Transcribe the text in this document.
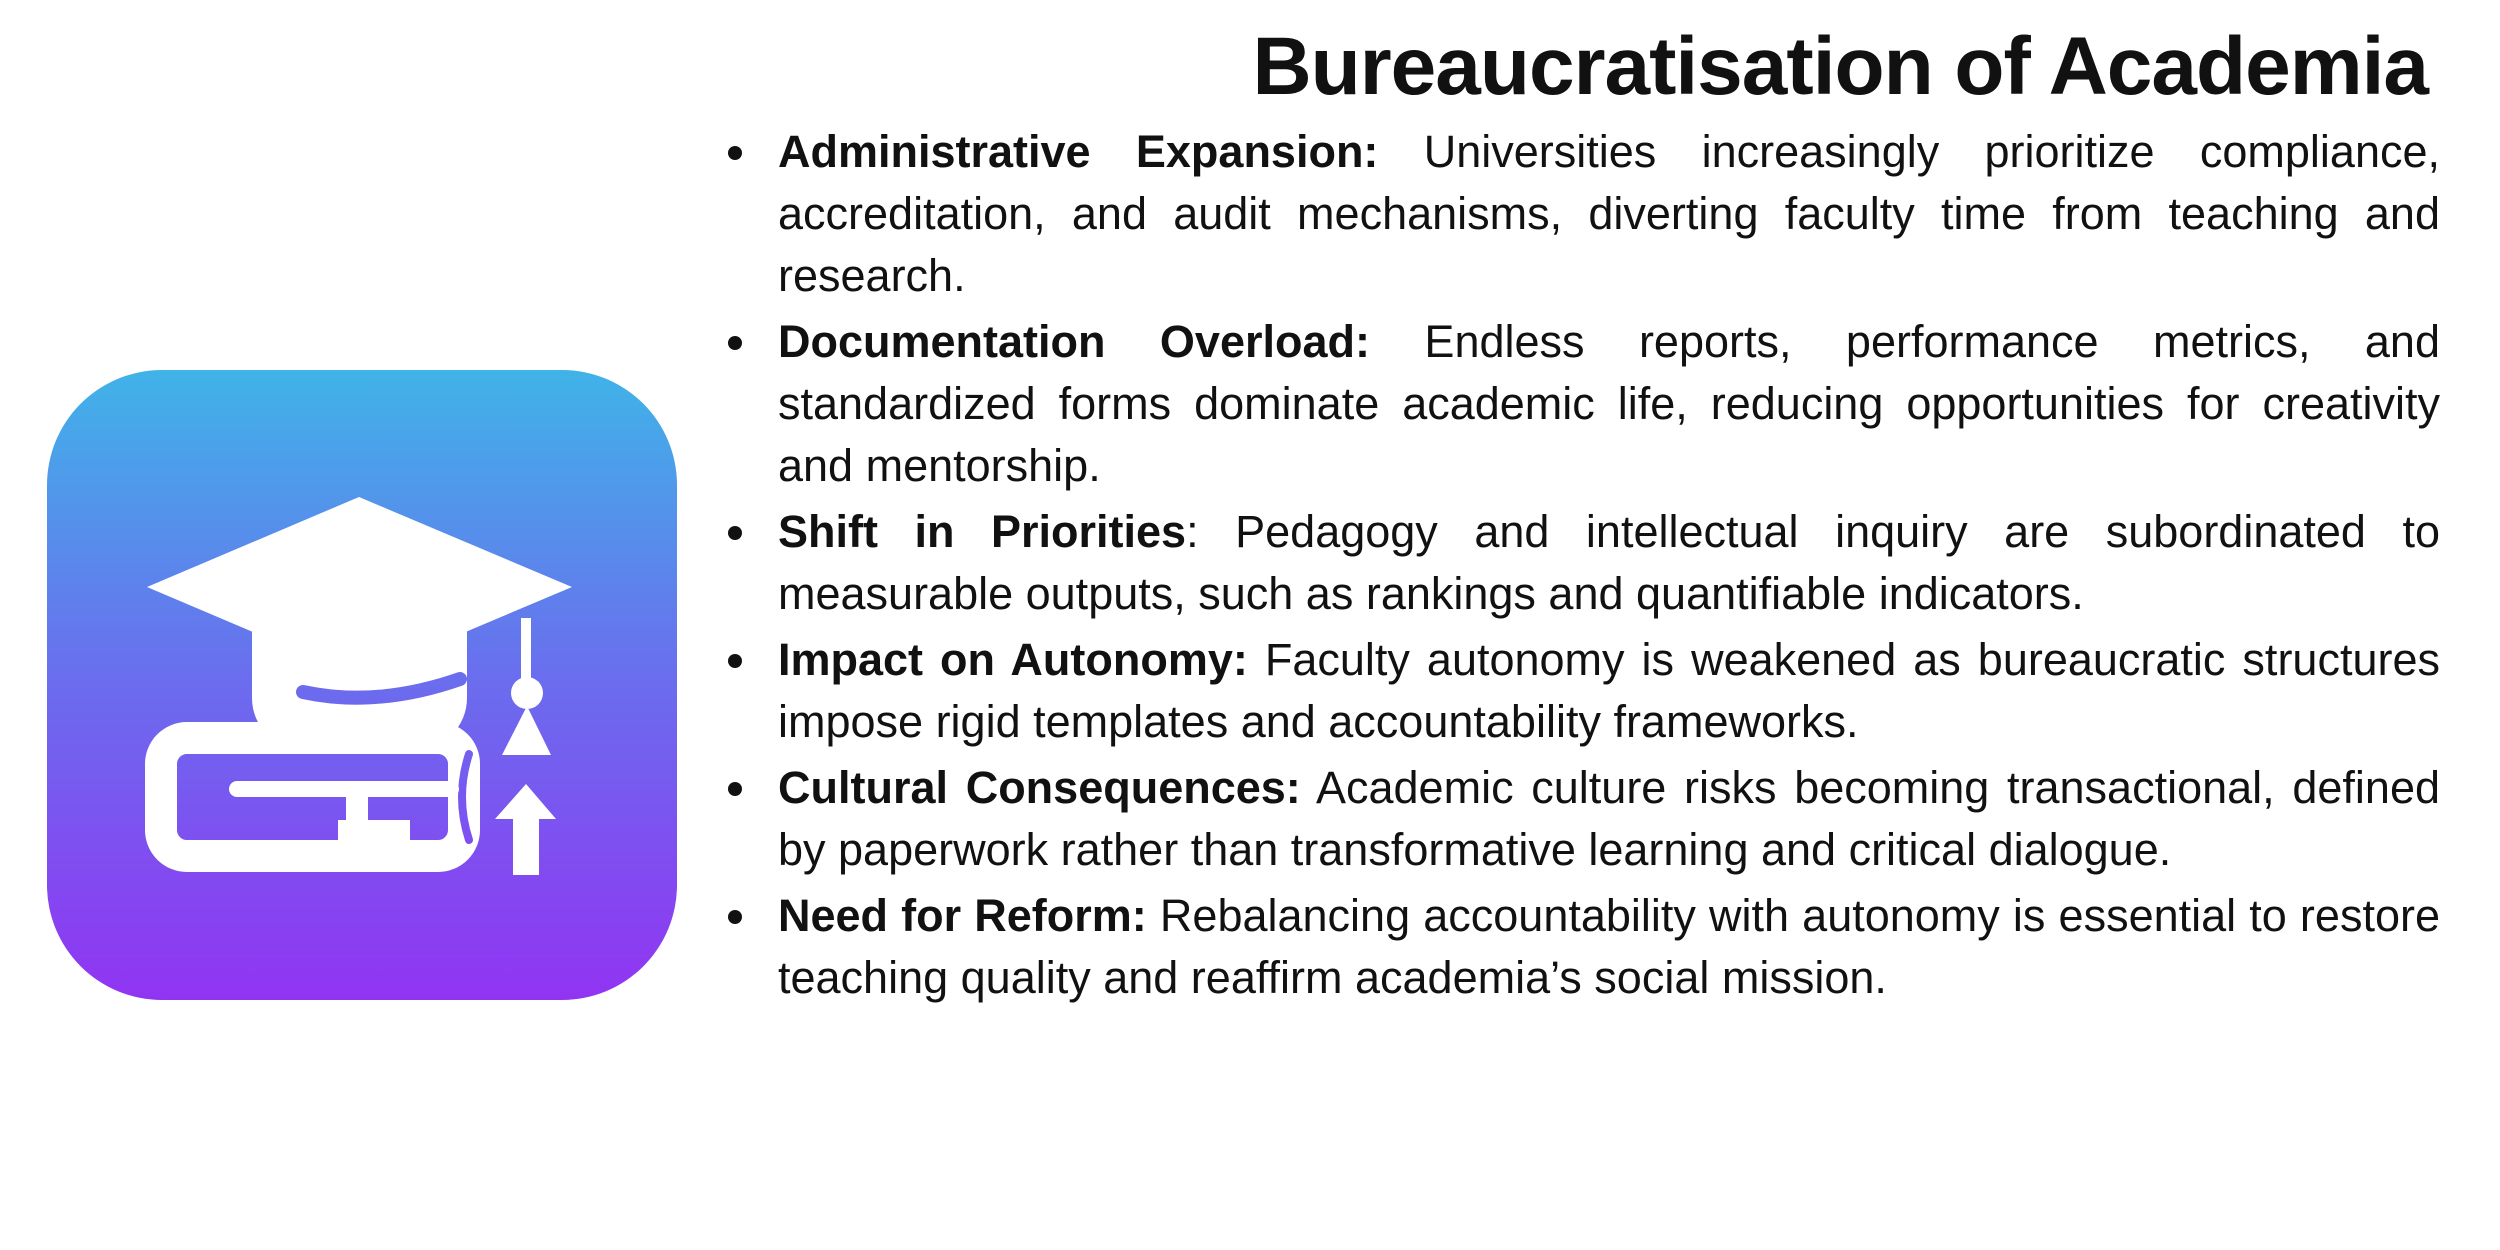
Bureaucratisation of Academia
Administrative Expansion: Universities increasingly prioritize compliance, accreditation, and audit mechanisms, diverting faculty time from teaching and research.
Documentation Overload: Endless reports, performance metrics, and standardized forms dominate academic life, reducing opportunities for creativity and mentorship.
Shift in Priorities: Pedagogy and intellectual inquiry are subordinated to measurable outputs, such as rankings and quantifiable indicators.
Impact on Autonomy: Faculty autonomy is weakened as bureaucratic structures impose rigid templates and accountability frameworks.
Cultural Consequences: Academic culture risks becoming transactional, defined by paperwork rather than transformative learning and critical dialogue.
Need for Reform: Rebalancing accountability with autonomy is essential to restore teaching quality and reaffirm academia’s social mission.
